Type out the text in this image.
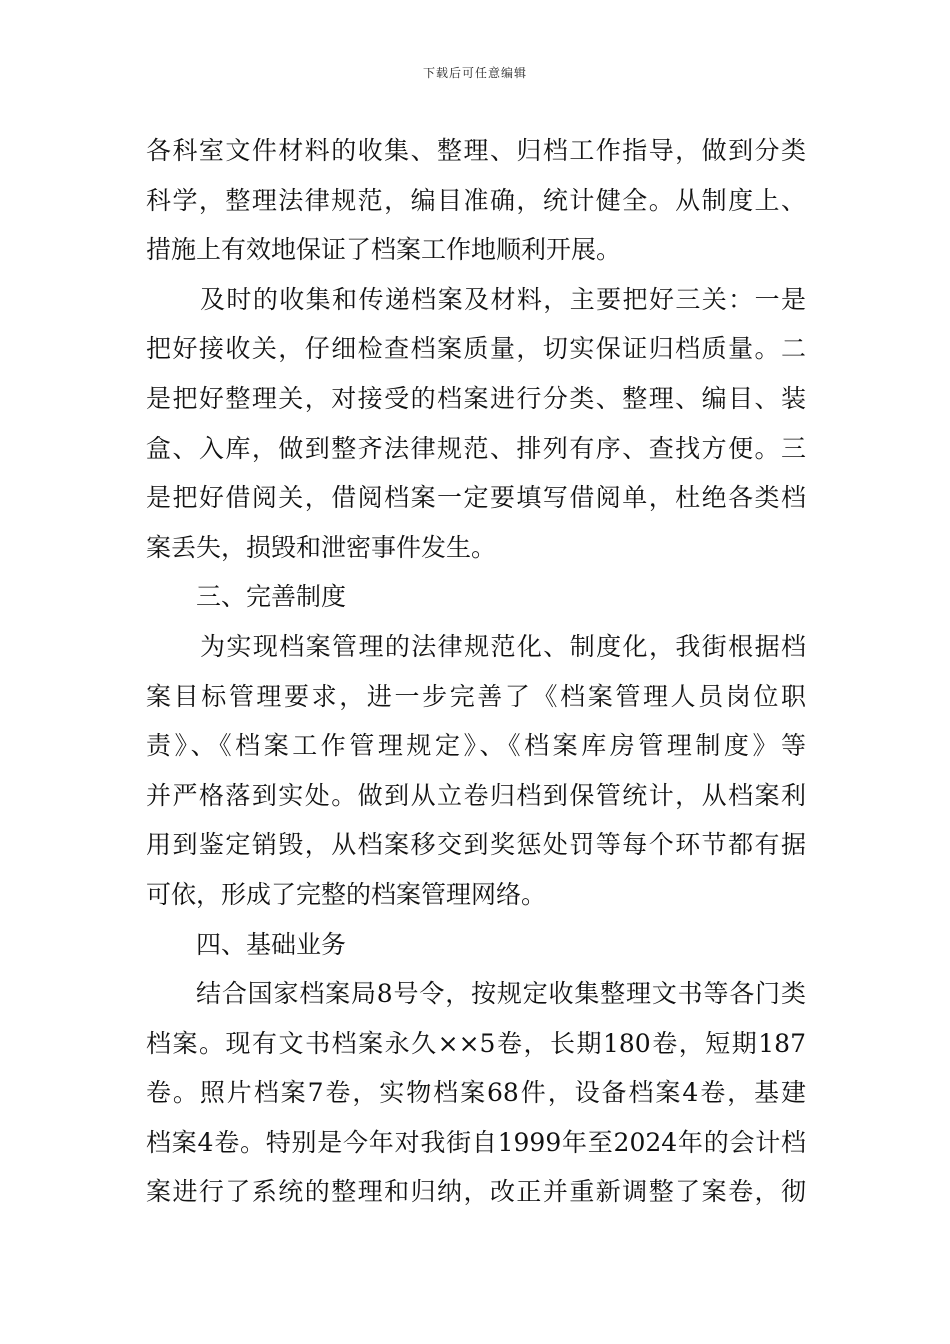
下载后可任意编辑
各科室文件材料的收集、整理、归档工作指导，做到分类
科学，整理法律规范，编目准确，统计健全。从制度上、
措施上有效地保证了档案工作地顺利开展。
及时的收集和传递档案及材料，主要把好三关：一是
把好接收关，仔细检查档案质量，切实保证归档质量。二
是把好整理关，对接受的档案进行分类、整理、编目、装
盒、入库，做到整齐法律规范、排列有序、查找方便。三
是把好借阅关，借阅档案一定要填写借阅单，杜绝各类档
案丢失，损毁和泄密事件发生。
三、完善制度
为实现档案管理的法律规范化、制度化，我街根据档
案目标管理要求，进一步完善了《档案管理人员岗位职
责》、《档案工作管理规定》、《档案库房管理制度》等
并严格落到实处。做到从立卷归档到保管统计，从档案利
用到鉴定销毁，从档案移交到奖惩处罚等每个环节都有据
可依，形成了完整的档案管理网络。
四、基础业务
结合国家档案局8号令，按规定收集整理文书等各门类
档案。现有文书档案永久××5卷，长期180卷，短期187
卷。照片档案7卷，实物档案68件，设备档案4卷，基建
档案4卷。特别是今年对我街自1999年至2024年的会计档
案进行了系统的整理和归纳，改正并重新调整了案卷，彻
